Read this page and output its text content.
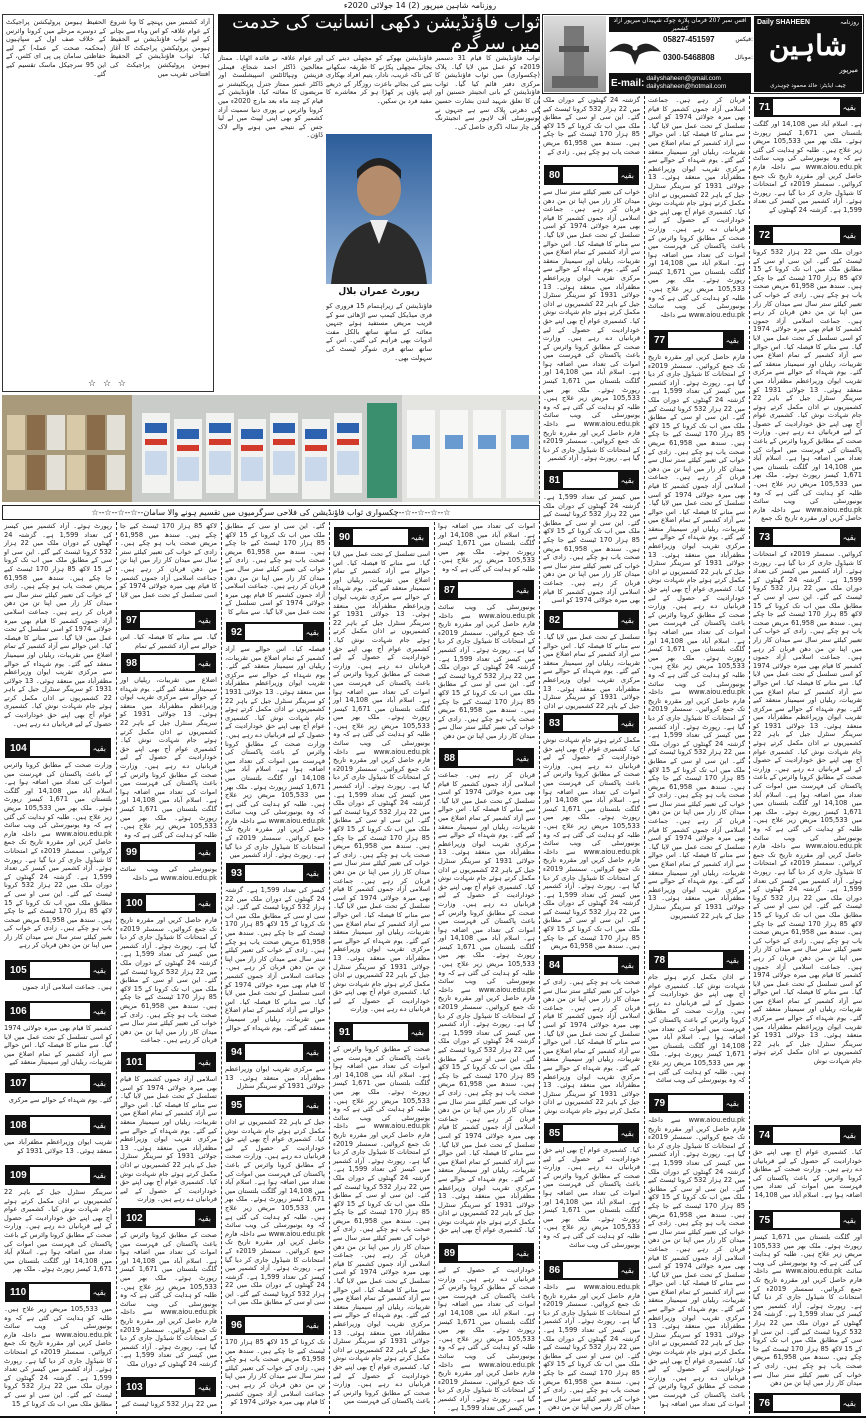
روزنامہ شاہین میرپور (2) 14 جولائی 2020ء
آزاد کشمیر میں پہنچے کا وبا شروع کے عوام علاقہ کو اس وباء سے بچانے کے لیے ثواب فاؤنڈیشن نے الحفیظ ہیومن پروٹیکشن پراجیکٹ کا آغاز کیا۔ ثواب فاؤنڈیشن کے الحفیظ ہیومن پروٹیکشن پراجیکٹ کی افتتاحی تقریب میں
الحفیظ ہیومن پروٹیکشن پراجیکٹ کے دوسرے مرحلے میں کرونا وائرس کے خلاف صف اول کے سپاہیوں (محکمہ صحت کے عملہ) کے لیے حفاظتی سامان پی پی ای کٹس، کے این 95 سرجیکل ماسک تقسیم کیے گئے۔
☆ ☆ ☆
ثواب فاؤنڈیشن دکھی انسانیت کی خدمت میں سرگرم
ثواب فاؤنڈیشن کا قیام 31 دسمبر 2019ء کو عمل میں لایا گیا۔ پلاک (چکسواری) میں ثواب فاؤنڈیشن کا مرکزی دفتر قائم کیا گیا۔ ثواب فاؤنڈیشن کے بانی انجینئر حسنین اور ان کا تعلق شہید لندن بشارت حسین کی دھرتی پلاک سے ہے جنہوں نے یونیورسٹی آف لاہور سے انجینئرنگ کی چار سالہ ڈگری حاصل کی۔
فاؤنڈیشن بھوکے کو مچھلی دینے کی بجائے مچھلی پکڑنے کا طریقہ سکھانے کی تاکہ غریب، نادار، یتیم افراد بھکاری بننے کی بجائے باعزت روزگار کے ذریعے اپنے پاؤں پر کھڑا ہو کر معاشرے کا مفید فرد بن سکیں۔
اور عوام علاقہ نے فائدہ اٹھایا۔ ممتاز معالجین ڈاکٹر احمد شجاع، فیملی فزیشن وہپاٹائٹس اسپیشلسٹ اور ڈاکٹر عمیر ممتاز جنرل پریکٹیشنر نے مریضوں کا معائنہ کیا۔ فاؤنڈیشن کے قیام کے چند ماہ بعد مارچ 2020ء میں کرونا وائرس نے پوری دنیا سمیت آزاد کشمیر کو بھی اپنی لپیٹ میں لے لیا جس کے نتیجے میں ہونے والے لاک ڈاؤن۔
رپورٹ عمران بلال
فاؤنڈیشن کے زیراہتمام 15 فروری کو فری میڈیکل کیمپ سے اڑھائی سو کے قریب مریض مستفید ہوئے جنہیں معائنہ کے ساتھ ساتھ بالکل مفت ادویات بھی فراہم کی گئیں۔ اس کے ساتھ ساتھ فری شوگر ٹیسٹ کی سہولت بھی۔
☆--☆--☆--☆--چکسواری ثواب فاؤنڈیشن کی فلاحی سرگرمیوں میں تقسیم ہونے والا سامان--☆--☆--☆--☆
آفس نمبر 207 فرمان پلازہ چوک شہیداں میرپور آزاد کشمیر
05827-451597	فیکس:
0300-5468808	موبائل:
E-mail: dailyshaheen@gmail.com
dailyshaheen@hotmail.com
Daily SHAHEEN	روزنامہ
شاہین
میرپور
چیف ایڈیٹر: خالد محمود چوہدری
رپورٹ ہوئے۔ آزاد کشمیر میں کیسز کی تعداد 1,599 ہے۔ گزشتہ 24 گھنٹوں کے دوران ملک میں 22 ہزار 532 کرونا ٹیسٹ کیے گئے۔ این سی او سی کے مطابق ملک میں اب تک کرونا کے 15 لاکھ 85 ہزار 170 ٹیسٹ کیے جا چکے ہیں۔ سندھ میں 61,958 مریض صحت یاب ہو چکے ہیں۔ زادی کے خواب کی تعبیر کیلئے ستر سال سے میدان کار زار میں اپنا تن من دھن قربان کر رہے ہیں۔ جماعت اسلامی آزاد جموں کشمیر کا قیام بھی میرہ جولائی 1974 کو اسی تسلسل کے تحت عمل میں لایا گیا۔ سے منانے کا فیصلہ کیا۔ اس حوالے سے آزاد کشمیر کے تمام اضلاع میں تقریبات، ریلیاں اور سیمینار منعقد کیے گئے۔ یوم شہداء کے حوالے سے مرکزی تقریب ایوان وزیراعظم مظفرآباد میں منعقد ہوئی۔ 13 جولائی 1931 کو سرینگر سنٹرل جیل کے باہر 22 کشمیریوں نے اذان مکمل کرتے ہوئے جام شہادت نوش کیا۔ کشمیری عوام آج بھی اپنے حق خودارادیت کے حصول کے لیے قربانیاں دے رہے ہیں۔
104	بقیہ
وزارت صحت کے مطابق کرونا وائرس کے باعث پاکستان کی فہرست میں اموات کی تعداد میں اضافہ ہوا ہے۔ اسلام آباد میں 14,108 اور گلگت بلتستان میں 1,671 کیسز رپورٹ ہوئے۔ ملک بھر میں 105,533 مریض زیر علاج ہیں۔ طلبہ کو ہدایت کی گئی ہے کہ وہ یونیورسٹی کی ویب سائٹ www.aiou.edu.pk سے داخلہ فارم حاصل کریں اور مقررہ تاریخ تک جمع کروائیں۔ سمسٹر 2019ء کے امتحانات کا شیڈول جاری کر دیا گیا ہے۔ رپورٹ ہوئے۔ آزاد کشمیر میں کیسز کی تعداد 1,599 ہے۔ گزشتہ 24 گھنٹوں کے دوران ملک میں 22 ہزار 532 کرونا ٹیسٹ کیے گئے۔ این سی او سی کے مطابق ملک میں اب تک کرونا کے 15 لاکھ 85 ہزار 170 ٹیسٹ کیے جا چکے ہیں۔ سندھ میں 61,958 مریض صحت یاب ہو چکے ہیں۔ زادی کے خواب کی تعبیر کیلئے ستر سال سے میدان کار زار میں اپنا تن من دھن قربان کر رہے
105	بقیہ
ہیں۔ جماعت اسلامی آزاد جموں
106	بقیہ
کشمیر کا قیام بھی میرہ جولائی 1974 کو اسی تسلسل کے تحت عمل میں لایا گیا۔ سے منانے کا فیصلہ کیا۔ اس حوالے سے آزاد کشمیر کے تمام اضلاع میں تقریبات، ریلیاں اور سیمینار منعقد کیے
107	بقیہ
گئے۔ یوم شہداء کے حوالے سے مرکزی
108	بقیہ
تقریب ایوان وزیراعظم مظفرآباد میں منعقد ہوئی۔ 13 جولائی 1931 کو
109	بقیہ
سرینگر سنٹرل جیل کے باہر 22 کشمیریوں نے اذان مکمل کرتے ہوئے جام شہادت نوش کیا۔ کشمیری عوام آج بھی اپنے حق خودارادیت کے حصول کے لیے قربانیاں دے رہے ہیں۔ وزارت صحت کے مطابق کرونا وائرس کے باعث پاکستان کی فہرست میں اموات کی تعداد میں اضافہ ہوا ہے۔ اسلام آباد میں 14,108 اور گلگت بلتستان میں 1,671 کیسز رپورٹ ہوئے۔ ملک بھر
110	بقیہ
میں 105,533 مریض زیر علاج ہیں۔ طلبہ کو ہدایت کی گئی ہے کہ وہ یونیورسٹی کی ویب سائٹ www.aiou.edu.pk سے داخلہ فارم حاصل کریں اور مقررہ تاریخ تک جمع کروائیں۔ سمسٹر 2019ء کے امتحانات کا شیڈول جاری کر دیا گیا ہے۔ رپورٹ ہوئے۔ آزاد کشمیر میں کیسز کی تعداد 1,599 ہے۔ گزشتہ 24 گھنٹوں کے دوران ملک میں 22 ہزار 532 کرونا ٹیسٹ کیے گئے۔ این سی او سی کے مطابق ملک میں اب تک کرونا کے 15
لاکھ 85 ہزار 170 ٹیسٹ کیے جا چکے ہیں۔ سندھ میں 61,958 مریض صحت یاب ہو چکے ہیں۔ زادی کے خواب کی تعبیر کیلئے ستر سال سے میدان کار زار میں اپنا تن من دھن قربان کر رہے ہیں۔ جماعت اسلامی آزاد جموں کشمیر کا قیام بھی میرہ جولائی 1974 کو اسی تسلسل کے تحت عمل میں لایا
97	بقیہ
گیا۔ سے منانے کا فیصلہ کیا۔ اس حوالے سے آزاد کشمیر کے تمام
98	بقیہ
اضلاع میں تقریبات، ریلیاں اور سیمینار منعقد کیے گئے۔ یوم شہداء کے حوالے سے مرکزی تقریب ایوان وزیراعظم مظفرآباد میں منعقد ہوئی۔ 13 جولائی 1931 کو سرینگر سنٹرل جیل کے باہر 22 کشمیریوں نے اذان مکمل کرتے ہوئے جام شہادت نوش کیا۔ کشمیری عوام آج بھی اپنے حق خودارادیت کے حصول کے لیے قربانیاں دے رہے ہیں۔ وزارت صحت کے مطابق کرونا وائرس کے باعث پاکستان کی فہرست میں اموات کی تعداد میں اضافہ ہوا ہے۔ اسلام آباد میں 14,108 اور گلگت بلتستان میں 1,671 کیسز رپورٹ ہوئے۔ ملک بھر میں 105,533 مریض زیر علاج ہیں۔ طلبہ کو ہدایت کی گئی ہے کہ وہ
99	بقیہ
یونیورسٹی کی ویب سائٹ www.aiou.edu.pk سے داخلہ
100	بقیہ
فارم حاصل کریں اور مقررہ تاریخ تک جمع کروائیں۔ سمسٹر 2019ء کے امتحانات کا شیڈول جاری کر دیا گیا ہے۔ رپورٹ ہوئے۔ آزاد کشمیر میں کیسز کی تعداد 1,599 ہے۔ گزشتہ 24 گھنٹوں کے دوران ملک میں 22 ہزار 532 کرونا ٹیسٹ کیے گئے۔ این سی او سی کے مطابق ملک میں اب تک کرونا کے 15 لاکھ 85 ہزار 170 ٹیسٹ کیے جا چکے ہیں۔ سندھ میں 61,958 مریض صحت یاب ہو چکے ہیں۔ زادی کے خواب کی تعبیر کیلئے ستر سال سے میدان کار زار میں اپنا تن من دھن قربان کر رہے ہیں۔ جماعت
101	بقیہ
اسلامی آزاد جموں کشمیر کا قیام بھی میرہ جولائی 1974 کو اسی تسلسل کے تحت عمل میں لایا گیا۔ سے منانے کا فیصلہ کیا۔ اس حوالے سے آزاد کشمیر کے تمام اضلاع میں تقریبات، ریلیاں اور سیمینار منعقد کیے گئے۔ یوم شہداء کے حوالے سے مرکزی تقریب ایوان وزیراعظم مظفرآباد میں منعقد ہوئی۔ 13 جولائی 1931 کو سرینگر سنٹرل جیل کے باہر 22 کشمیریوں نے اذان مکمل کرتے ہوئے جام شہادت نوش کیا۔ کشمیری عوام آج بھی اپنے حق خودارادیت کے حصول کے لیے قربانیاں دے رہے ہیں۔ وزارت
102	بقیہ
صحت کے مطابق کرونا وائرس کے باعث پاکستان کی فہرست میں اموات کی تعداد میں اضافہ ہوا ہے۔ اسلام آباد میں 14,108 اور گلگت بلتستان میں 1,671 کیسز رپورٹ ہوئے۔ ملک بھر میں 105,533 مریض زیر علاج ہیں۔ طلبہ کو ہدایت کی گئی ہے کہ وہ یونیورسٹی کی ویب سائٹ www.aiou.edu.pk سے داخلہ فارم حاصل کریں اور مقررہ تاریخ تک جمع کروائیں۔ سمسٹر 2019ء کے امتحانات کا شیڈول جاری کر دیا گیا ہے۔ رپورٹ ہوئے۔ آزاد کشمیر میں کیسز کی تعداد 1,599 ہے۔ گزشتہ 24 گھنٹوں کے دوران ملک
103	بقیہ
میں 22 ہزار 532 کرونا ٹیسٹ کیے
گئے۔ این سی او سی کے مطابق ملک میں اب تک کرونا کے 15 لاکھ 85 ہزار 170 ٹیسٹ کیے جا چکے ہیں۔ سندھ میں 61,958 مریض صحت یاب ہو چکے ہیں۔ زادی کے خواب کی تعبیر کیلئے ستر سال سے میدان کار زار میں اپنا تن من دھن قربان کر رہے ہیں۔ جماعت اسلامی آزاد جموں کشمیر کا قیام بھی میرہ جولائی 1974 کو اسی تسلسل کے تحت عمل میں لایا گیا۔ سے منانے کا
92	بقیہ
فیصلہ کیا۔ اس حوالے سے آزاد کشمیر کے تمام اضلاع میں تقریبات، ریلیاں اور سیمینار منعقد کیے گئے۔ یوم شہداء کے حوالے سے مرکزی تقریب ایوان وزیراعظم مظفرآباد میں منعقد ہوئی۔ 13 جولائی 1931 کو سرینگر سنٹرل جیل کے باہر 22 کشمیریوں نے اذان مکمل کرتے ہوئے جام شہادت نوش کیا۔ کشمیری عوام آج بھی اپنے حق خودارادیت کے حصول کے لیے قربانیاں دے رہے ہیں۔ وزارت صحت کے مطابق کرونا وائرس کے باعث پاکستان کی فہرست میں اموات کی تعداد میں اضافہ ہوا ہے۔ اسلام آباد میں 14,108 اور گلگت بلتستان میں 1,671 کیسز رپورٹ ہوئے۔ ملک بھر میں 105,533 مریض زیر علاج ہیں۔ طلبہ کو ہدایت کی گئی ہے کہ وہ یونیورسٹی کی ویب سائٹ www.aiou.edu.pk سے داخلہ فارم حاصل کریں اور مقررہ تاریخ تک جمع کروائیں۔ سمسٹر 2019ء کے امتحانات کا شیڈول جاری کر دیا گیا ہے۔ رپورٹ ہوئے۔ آزاد کشمیر میں
93	بقیہ
کیسز کی تعداد 1,599 ہے۔ گزشتہ 24 گھنٹوں کے دوران ملک میں 22 ہزار 532 کرونا ٹیسٹ کیے گئے۔ این سی او سی کے مطابق ملک میں اب تک کرونا کے 15 لاکھ 85 ہزار 170 ٹیسٹ کیے جا چکے ہیں۔ سندھ میں 61,958 مریض صحت یاب ہو چکے ہیں۔ زادی کے خواب کی تعبیر کیلئے ستر سال سے میدان کار زار میں اپنا تن من دھن قربان کر رہے ہیں۔ جماعت اسلامی آزاد جموں کشمیر کا قیام بھی میرہ جولائی 1974 کو اسی تسلسل کے تحت عمل میں لایا گیا۔ سے منانے کا فیصلہ کیا۔ اس حوالے سے آزاد کشمیر کے تمام اضلاع میں تقریبات، ریلیاں اور سیمینار منعقد کیے گئے۔ یوم شہداء کے حوالے
94	بقیہ
سے مرکزی تقریب ایوان وزیراعظم مظفرآباد میں منعقد ہوئی۔ 13 جولائی 1931 کو سرینگر سنٹرل
95	بقیہ
جیل کے باہر 22 کشمیریوں نے اذان مکمل کرتے ہوئے جام شہادت نوش کیا۔ کشمیری عوام آج بھی اپنے حق خودارادیت کے حصول کے لیے قربانیاں دے رہے ہیں۔ وزارت صحت کے مطابق کرونا وائرس کے باعث پاکستان کی فہرست میں اموات کی تعداد میں اضافہ ہوا ہے۔ اسلام آباد میں 14,108 اور گلگت بلتستان میں 1,671 کیسز رپورٹ ہوئے۔ ملک بھر میں 105,533 مریض زیر علاج ہیں۔ طلبہ کو ہدایت کی گئی ہے کہ وہ یونیورسٹی کی ویب سائٹ www.aiou.edu.pk سے داخلہ فارم حاصل کریں اور مقررہ تاریخ تک جمع کروائیں۔ سمسٹر 2019ء کے امتحانات کا شیڈول جاری کر دیا گیا ہے۔ رپورٹ ہوئے۔ آزاد کشمیر میں کیسز کی تعداد 1,599 ہے۔ گزشتہ 24 گھنٹوں کے دوران ملک میں 22 ہزار 532 کرونا ٹیسٹ کیے گئے۔ این سی او سی کے مطابق ملک میں اب
96	بقیہ
تک کرونا کے 15 لاکھ 85 ہزار 170 ٹیسٹ کیے جا چکے ہیں۔ سندھ میں 61,958 مریض صحت یاب ہو چکے ہیں۔ زادی کے خواب کی تعبیر کیلئے ستر سال سے میدان کار زار میں اپنا تن من دھن قربان کر رہے ہیں۔ جماعت اسلامی آزاد جموں کشمیر کا قیام بھی میرہ جولائی 1974 کو
90	بقیہ
اسی تسلسل کے تحت عمل میں لایا گیا۔ سے منانے کا فیصلہ کیا۔ اس حوالے سے آزاد کشمیر کے تمام اضلاع میں تقریبات، ریلیاں اور سیمینار منعقد کیے گئے۔ یوم شہداء کے حوالے سے مرکزی تقریب ایوان وزیراعظم مظفرآباد میں منعقد ہوئی۔ 13 جولائی 1931 کو سرینگر سنٹرل جیل کے باہر 22 کشمیریوں نے اذان مکمل کرتے ہوئے جام شہادت نوش کیا۔ کشمیری عوام آج بھی اپنے حق خودارادیت کے حصول کے لیے قربانیاں دے رہے ہیں۔ وزارت صحت کے مطابق کرونا وائرس کے باعث پاکستان کی فہرست میں اموات کی تعداد میں اضافہ ہوا ہے۔ اسلام آباد میں 14,108 اور گلگت بلتستان میں 1,671 کیسز رپورٹ ہوئے۔ ملک بھر میں 105,533 مریض زیر علاج ہیں۔ طلبہ کو ہدایت کی گئی ہے کہ وہ یونیورسٹی کی ویب سائٹ www.aiou.edu.pk سے داخلہ فارم حاصل کریں اور مقررہ تاریخ تک جمع کروائیں۔ سمسٹر 2019ء کے امتحانات کا شیڈول جاری کر دیا گیا ہے۔ رپورٹ ہوئے۔ آزاد کشمیر میں کیسز کی تعداد 1,599 ہے۔ گزشتہ 24 گھنٹوں کے دوران ملک میں 22 ہزار 532 کرونا ٹیسٹ کیے گئے۔ این سی او سی کے مطابق ملک میں اب تک کرونا کے 15 لاکھ 85 ہزار 170 ٹیسٹ کیے جا چکے ہیں۔ سندھ میں 61,958 مریض صحت یاب ہو چکے ہیں۔ زادی کے خواب کی تعبیر کیلئے ستر سال سے میدان کار زار میں اپنا تن من دھن قربان کر رہے ہیں۔ جماعت اسلامی آزاد جموں کشمیر کا قیام بھی میرہ جولائی 1974 کو اسی تسلسل کے تحت عمل میں لایا گیا۔ سے منانے کا فیصلہ کیا۔ اس حوالے سے آزاد کشمیر کے تمام اضلاع میں تقریبات، ریلیاں اور سیمینار منعقد کیے گئے۔ یوم شہداء کے حوالے سے مرکزی تقریب ایوان وزیراعظم مظفرآباد میں منعقد ہوئی۔ 13 جولائی 1931 کو سرینگر سنٹرل جیل کے باہر 22 کشمیریوں نے اذان مکمل کرتے ہوئے جام شہادت نوش کیا۔ کشمیری عوام آج بھی اپنے حق خودارادیت کے حصول کے لیے قربانیاں دے رہے ہیں۔ وزارت
91	بقیہ
صحت کے مطابق کرونا وائرس کے باعث پاکستان کی فہرست میں اموات کی تعداد میں اضافہ ہوا ہے۔ اسلام آباد میں 14,108 اور گلگت بلتستان میں 1,671 کیسز رپورٹ ہوئے۔ ملک بھر میں 105,533 مریض زیر علاج ہیں۔ طلبہ کو ہدایت کی گئی ہے کہ وہ یونیورسٹی کی ویب سائٹ www.aiou.edu.pk سے داخلہ فارم حاصل کریں اور مقررہ تاریخ تک جمع کروائیں۔ سمسٹر 2019ء کے امتحانات کا شیڈول جاری کر دیا گیا ہے۔ رپورٹ ہوئے۔ آزاد کشمیر میں کیسز کی تعداد 1,599 ہے۔ گزشتہ 24 گھنٹوں کے دوران ملک میں 22 ہزار 532 کرونا ٹیسٹ کیے گئے۔ این سی او سی کے مطابق ملک میں اب تک کرونا کے 15 لاکھ 85 ہزار 170 ٹیسٹ کیے جا چکے ہیں۔ سندھ میں 61,958 مریض صحت یاب ہو چکے ہیں۔ زادی کے خواب کی تعبیر کیلئے ستر سال سے میدان کار زار میں اپنا تن من دھن قربان کر رہے ہیں۔ جماعت اسلامی آزاد جموں کشمیر کا قیام بھی میرہ جولائی 1974 کو اسی تسلسل کے تحت عمل میں لایا گیا۔ سے منانے کا فیصلہ کیا۔ اس حوالے سے آزاد کشمیر کے تمام اضلاع میں تقریبات، ریلیاں اور سیمینار منعقد کیے گئے۔ یوم شہداء کے حوالے سے مرکزی تقریب ایوان وزیراعظم مظفرآباد میں منعقد ہوئی۔ 13 جولائی 1931 کو سرینگر سنٹرل جیل کے باہر 22 کشمیریوں نے اذان مکمل کرتے ہوئے جام شہادت نوش کیا۔ کشمیری عوام آج بھی اپنے حق خودارادیت کے حصول کے لیے قربانیاں دے رہے ہیں۔ وزارت صحت کے مطابق کرونا وائرس کے باعث پاکستان کی فہرست میں
اموات کی تعداد میں اضافہ ہوا ہے۔ اسلام آباد میں 14,108 اور گلگت بلتستان میں 1,671 کیسز رپورٹ ہوئے۔ ملک بھر میں 105,533 مریض زیر علاج ہیں۔ طلبہ کو ہدایت کی گئی ہے کہ وہ
87	بقیہ
یونیورسٹی کی ویب سائٹ www.aiou.edu.pk سے داخلہ فارم حاصل کریں اور مقررہ تاریخ تک جمع کروائیں۔ سمسٹر 2019ء کے امتحانات کا شیڈول جاری کر دیا گیا ہے۔ رپورٹ ہوئے۔ آزاد کشمیر میں کیسز کی تعداد 1,599 ہے۔ گزشتہ 24 گھنٹوں کے دوران ملک میں 22 ہزار 532 کرونا ٹیسٹ کیے گئے۔ این سی او سی کے مطابق ملک میں اب تک کرونا کے 15 لاکھ 85 ہزار 170 ٹیسٹ کیے جا چکے ہیں۔ سندھ میں 61,958 مریض صحت یاب ہو چکے ہیں۔ زادی کے خواب کی تعبیر کیلئے ستر سال سے میدان کار زار میں اپنا تن من دھن
88	بقیہ
قربان کر رہے ہیں۔ جماعت اسلامی آزاد جموں کشمیر کا قیام بھی میرہ جولائی 1974 کو اسی تسلسل کے تحت عمل میں لایا گیا۔ سے منانے کا فیصلہ کیا۔ اس حوالے سے آزاد کشمیر کے تمام اضلاع میں تقریبات، ریلیاں اور سیمینار منعقد کیے گئے۔ یوم شہداء کے حوالے سے مرکزی تقریب ایوان وزیراعظم مظفرآباد میں منعقد ہوئی۔ 13 جولائی 1931 کو سرینگر سنٹرل جیل کے باہر 22 کشمیریوں نے اذان مکمل کرتے ہوئے جام شہادت نوش کیا۔ کشمیری عوام آج بھی اپنے حق خودارادیت کے حصول کے لیے قربانیاں دے رہے ہیں۔ وزارت صحت کے مطابق کرونا وائرس کے باعث پاکستان کی فہرست میں اموات کی تعداد میں اضافہ ہوا ہے۔ اسلام آباد میں 14,108 اور گلگت بلتستان میں 1,671 کیسز رپورٹ ہوئے۔ ملک بھر میں 105,533 مریض زیر علاج ہیں۔ طلبہ کو ہدایت کی گئی ہے کہ وہ یونیورسٹی کی ویب سائٹ www.aiou.edu.pk سے داخلہ فارم حاصل کریں اور مقررہ تاریخ تک جمع کروائیں۔ سمسٹر 2019ء کے امتحانات کا شیڈول جاری کر دیا گیا ہے۔ رپورٹ ہوئے۔ آزاد کشمیر میں کیسز کی تعداد 1,599 ہے۔ گزشتہ 24 گھنٹوں کے دوران ملک میں 22 ہزار 532 کرونا ٹیسٹ کیے گئے۔ این سی او سی کے مطابق ملک میں اب تک کرونا کے 15 لاکھ 85 ہزار 170 ٹیسٹ کیے جا چکے ہیں۔ سندھ میں 61,958 مریض صحت یاب ہو چکے ہیں۔ زادی کے خواب کی تعبیر کیلئے ستر سال سے میدان کار زار میں اپنا تن من دھن قربان کر رہے ہیں۔ جماعت اسلامی آزاد جموں کشمیر کا قیام بھی میرہ جولائی 1974 کو اسی تسلسل کے تحت عمل میں لایا گیا۔ سے منانے کا فیصلہ کیا۔ اس حوالے سے آزاد کشمیر کے تمام اضلاع میں تقریبات، ریلیاں اور سیمینار منعقد کیے گئے۔ یوم شہداء کے حوالے سے مرکزی تقریب ایوان وزیراعظم مظفرآباد میں منعقد ہوئی۔ 13 جولائی 1931 کو سرینگر سنٹرل جیل کے باہر 22 کشمیریوں نے اذان مکمل کرتے ہوئے جام شہادت نوش کیا۔ کشمیری عوام آج بھی اپنے حق
89	بقیہ
خودارادیت کے حصول کے لیے قربانیاں دے رہے ہیں۔ وزارت صحت کے مطابق کرونا وائرس کے باعث پاکستان کی فہرست میں اموات کی تعداد میں اضافہ ہوا ہے۔ اسلام آباد میں 14,108 اور گلگت بلتستان میں 1,671 کیسز رپورٹ ہوئے۔ ملک بھر میں 105,533 مریض زیر علاج ہیں۔ طلبہ کو ہدایت کی گئی ہے کہ وہ یونیورسٹی کی ویب سائٹ www.aiou.edu.pk سے داخلہ فارم حاصل کریں اور مقررہ تاریخ تک جمع کروائیں۔ سمسٹر 2019ء کے امتحانات کا شیڈول جاری کر دیا گیا ہے۔ رپورٹ ہوئے۔ آزاد کشمیر میں کیسز کی تعداد 1,599 ہے۔
گزشتہ 24 گھنٹوں کے دوران ملک میں 22 ہزار 532 کرونا ٹیسٹ کیے گئے۔ این سی او سی کے مطابق ملک میں اب تک کرونا کے 15 لاکھ 85 ہزار 170 ٹیسٹ کیے جا چکے ہیں۔ سندھ میں 61,958 مریض صحت یاب ہو چکے ہیں۔ زادی کے
80	بقیہ
خواب کی تعبیر کیلئے ستر سال سے میدان کار زار میں اپنا تن من دھن قربان کر رہے ہیں۔ جماعت اسلامی آزاد جموں کشمیر کا قیام بھی میرہ جولائی 1974 کو اسی تسلسل کے تحت عمل میں لایا گیا۔ سے منانے کا فیصلہ کیا۔ اس حوالے سے آزاد کشمیر کے تمام اضلاع میں تقریبات، ریلیاں اور سیمینار منعقد کیے گئے۔ یوم شہداء کے حوالے سے مرکزی تقریب ایوان وزیراعظم مظفرآباد میں منعقد ہوئی۔ 13 جولائی 1931 کو سرینگر سنٹرل جیل کے باہر 22 کشمیریوں نے اذان مکمل کرتے ہوئے جام شہادت نوش کیا۔ کشمیری عوام آج بھی اپنے حق خودارادیت کے حصول کے لیے قربانیاں دے رہے ہیں۔ وزارت صحت کے مطابق کرونا وائرس کے باعث پاکستان کی فہرست میں اموات کی تعداد میں اضافہ ہوا ہے۔ اسلام آباد میں 14,108 اور گلگت بلتستان میں 1,671 کیسز رپورٹ ہوئے۔ ملک بھر میں 105,533 مریض زیر علاج ہیں۔ طلبہ کو ہدایت کی گئی ہے کہ وہ یونیورسٹی کی ویب سائٹ www.aiou.edu.pk سے داخلہ فارم حاصل کریں اور مقررہ تاریخ تک جمع کروائیں۔ سمسٹر 2019ء کے امتحانات کا شیڈول جاری کر دیا گیا ہے۔ رپورٹ ہوئے۔ آزاد کشمیر
81	بقیہ
میں کیسز کی تعداد 1,599 ہے۔ گزشتہ 24 گھنٹوں کے دوران ملک میں 22 ہزار 532 کرونا ٹیسٹ کیے گئے۔ این سی او سی کے مطابق ملک میں اب تک کرونا کے 15 لاکھ 85 ہزار 170 ٹیسٹ کیے جا چکے ہیں۔ سندھ میں 61,958 مریض صحت یاب ہو چکے ہیں۔ زادی کے خواب کی تعبیر کیلئے ستر سال سے میدان کار زار میں اپنا تن من دھن قربان کر رہے ہیں۔ جماعت اسلامی آزاد جموں کشمیر کا قیام بھی میرہ جولائی 1974 کو اسی
82	بقیہ
تسلسل کے تحت عمل میں لایا گیا۔ سے منانے کا فیصلہ کیا۔ اس حوالے سے آزاد کشمیر کے تمام اضلاع میں تقریبات، ریلیاں اور سیمینار منعقد کیے گئے۔ یوم شہداء کے حوالے سے مرکزی تقریب ایوان وزیراعظم مظفرآباد میں منعقد ہوئی۔ 13 جولائی 1931 کو سرینگر سنٹرل جیل کے باہر 22 کشمیریوں نے اذان
83	بقیہ
مکمل کرتے ہوئے جام شہادت نوش کیا۔ کشمیری عوام آج بھی اپنے حق خودارادیت کے حصول کے لیے قربانیاں دے رہے ہیں۔ وزارت صحت کے مطابق کرونا وائرس کے باعث پاکستان کی فہرست میں اموات کی تعداد میں اضافہ ہوا ہے۔ اسلام آباد میں 14,108 اور گلگت بلتستان میں 1,671 کیسز رپورٹ ہوئے۔ ملک بھر میں 105,533 مریض زیر علاج ہیں۔ طلبہ کو ہدایت کی گئی ہے کہ وہ یونیورسٹی کی ویب سائٹ www.aiou.edu.pk سے داخلہ فارم حاصل کریں اور مقررہ تاریخ تک جمع کروائیں۔ سمسٹر 2019ء کے امتحانات کا شیڈول جاری کر دیا گیا ہے۔ رپورٹ ہوئے۔ آزاد کشمیر میں کیسز کی تعداد 1,599 ہے۔ گزشتہ 24 گھنٹوں کے دوران ملک میں 22 ہزار 532 کرونا ٹیسٹ کیے گئے۔ این سی او سی کے مطابق ملک میں اب تک کرونا کے 15 لاکھ 85 ہزار 170 ٹیسٹ کیے جا چکے ہیں۔ سندھ میں 61,958 مریض
84	بقیہ
صحت یاب ہو چکے ہیں۔ زادی کے خواب کی تعبیر کیلئے ستر سال سے میدان کار زار میں اپنا تن من دھن قربان کر رہے ہیں۔ جماعت اسلامی آزاد جموں کشمیر کا قیام بھی میرہ جولائی 1974 کو اسی تسلسل کے تحت عمل میں لایا گیا۔ سے منانے کا فیصلہ کیا۔ اس حوالے سے آزاد کشمیر کے تمام اضلاع میں تقریبات، ریلیاں اور سیمینار منعقد کیے گئے۔ یوم شہداء کے حوالے سے مرکزی تقریب ایوان وزیراعظم مظفرآباد میں منعقد ہوئی۔ 13 جولائی 1931 کو سرینگر سنٹرل جیل کے باہر 22 کشمیریوں نے اذان مکمل کرتے ہوئے جام شہادت نوش
85	بقیہ
کیا۔ کشمیری عوام آج بھی اپنے حق خودارادیت کے حصول کے لیے قربانیاں دے رہے ہیں۔ وزارت صحت کے مطابق کرونا وائرس کے باعث پاکستان کی فہرست میں اموات کی تعداد میں اضافہ ہوا ہے۔ اسلام آباد میں 14,108 اور گلگت بلتستان میں 1,671 کیسز رپورٹ ہوئے۔ ملک بھر میں 105,533 مریض زیر علاج ہیں۔ طلبہ کو ہدایت کی گئی ہے کہ وہ یونیورسٹی کی ویب سائٹ
86	بقیہ
www.aiou.edu.pk سے داخلہ فارم حاصل کریں اور مقررہ تاریخ تک جمع کروائیں۔ سمسٹر 2019ء کے امتحانات کا شیڈول جاری کر دیا گیا ہے۔ رپورٹ ہوئے۔ آزاد کشمیر میں کیسز کی تعداد 1,599 ہے۔ گزشتہ 24 گھنٹوں کے دوران ملک میں 22 ہزار 532 کرونا ٹیسٹ کیے گئے۔ این سی او سی کے مطابق ملک میں اب تک کرونا کے 15 لاکھ 85 ہزار 170 ٹیسٹ کیے جا چکے ہیں۔ سندھ میں 61,958 مریض صحت یاب ہو چکے ہیں۔ زادی کے خواب کی تعبیر کیلئے ستر سال سے میدان کار زار میں اپنا تن من دھن
قربان کر رہے ہیں۔ جماعت اسلامی آزاد جموں کشمیر کا قیام بھی میرہ جولائی 1974 کو اسی تسلسل کے تحت عمل میں لایا گیا۔ سے منانے کا فیصلہ کیا۔ اس حوالے سے آزاد کشمیر کے تمام اضلاع میں تقریبات، ریلیاں اور سیمینار منعقد کیے گئے۔ یوم شہداء کے حوالے سے مرکزی تقریب ایوان وزیراعظم مظفرآباد میں منعقد ہوئی۔ 13 جولائی 1931 کو سرینگر سنٹرل جیل کے باہر 22 کشمیریوں نے اذان مکمل کرتے ہوئے جام شہادت نوش کیا۔ کشمیری عوام آج بھی اپنے حق خودارادیت کے حصول کے لیے قربانیاں دے رہے ہیں۔ وزارت صحت کے مطابق کرونا وائرس کے باعث پاکستان کی فہرست میں اموات کی تعداد میں اضافہ ہوا ہے۔ اسلام آباد میں 14,108 اور گلگت بلتستان میں 1,671 کیسز رپورٹ ہوئے۔ ملک بھر میں 105,533 مریض زیر علاج ہیں۔ طلبہ کو ہدایت کی گئی ہے کہ وہ یونیورسٹی کی ویب سائٹ www.aiou.edu.pk سے داخلہ
77	بقیہ
فارم حاصل کریں اور مقررہ تاریخ تک جمع کروائیں۔ سمسٹر 2019ء کے امتحانات کا شیڈول جاری کر دیا گیا ہے۔ رپورٹ ہوئے۔ آزاد کشمیر میں کیسز کی تعداد 1,599 ہے۔ گزشتہ 24 گھنٹوں کے دوران ملک میں 22 ہزار 532 کرونا ٹیسٹ کیے گئے۔ این سی او سی کے مطابق ملک میں اب تک کرونا کے 15 لاکھ 85 ہزار 170 ٹیسٹ کیے جا چکے ہیں۔ سندھ میں 61,958 مریض صحت یاب ہو چکے ہیں۔ زادی کے خواب کی تعبیر کیلئے ستر سال سے میدان کار زار میں اپنا تن من دھن قربان کر رہے ہیں۔ جماعت اسلامی آزاد جموں کشمیر کا قیام بھی میرہ جولائی 1974 کو اسی تسلسل کے تحت عمل میں لایا گیا۔ سے منانے کا فیصلہ کیا۔ اس حوالے سے آزاد کشمیر کے تمام اضلاع میں تقریبات، ریلیاں اور سیمینار منعقد کیے گئے۔ یوم شہداء کے حوالے سے مرکزی تقریب ایوان وزیراعظم مظفرآباد میں منعقد ہوئی۔ 13 جولائی 1931 کو سرینگر سنٹرل جیل کے باہر 22 کشمیریوں نے اذان مکمل کرتے ہوئے جام شہادت نوش کیا۔ کشمیری عوام آج بھی اپنے حق خودارادیت کے حصول کے لیے قربانیاں دے رہے ہیں۔ وزارت صحت کے مطابق کرونا وائرس کے باعث پاکستان کی فہرست میں اموات کی تعداد میں اضافہ ہوا ہے۔ اسلام آباد میں 14,108 اور گلگت بلتستان میں 1,671 کیسز رپورٹ ہوئے۔ ملک بھر میں 105,533 مریض زیر علاج ہیں۔ طلبہ کو ہدایت کی گئی ہے کہ وہ یونیورسٹی کی ویب سائٹ www.aiou.edu.pk سے داخلہ فارم حاصل کریں اور مقررہ تاریخ تک جمع کروائیں۔ سمسٹر 2019ء کے امتحانات کا شیڈول جاری کر دیا گیا ہے۔ رپورٹ ہوئے۔ آزاد کشمیر میں کیسز کی تعداد 1,599 ہے۔ گزشتہ 24 گھنٹوں کے دوران ملک میں 22 ہزار 532 کرونا ٹیسٹ کیے گئے۔ این سی او سی کے مطابق ملک میں اب تک کرونا کے 15 لاکھ 85 ہزار 170 ٹیسٹ کیے جا چکے ہیں۔ سندھ میں 61,958 مریض صحت یاب ہو چکے ہیں۔ زادی کے خواب کی تعبیر کیلئے ستر سال سے میدان کار زار میں اپنا تن من دھن قربان کر رہے ہیں۔ جماعت اسلامی آزاد جموں کشمیر کا قیام بھی میرہ جولائی 1974 کو اسی تسلسل کے تحت عمل میں لایا گیا۔ سے منانے کا فیصلہ کیا۔ اس حوالے سے آزاد کشمیر کے تمام اضلاع میں تقریبات، ریلیاں اور سیمینار منعقد کیے گئے۔ یوم شہداء کے حوالے سے مرکزی تقریب ایوان وزیراعظم مظفرآباد میں منعقد ہوئی۔ 13 جولائی 1931 کو سرینگر سنٹرل جیل کے باہر 22 کشمیریوں
78	بقیہ
نے اذان مکمل کرتے ہوئے جام شہادت نوش کیا۔ کشمیری عوام آج بھی اپنے حق خودارادیت کے حصول کے لیے قربانیاں دے رہے ہیں۔ وزارت صحت کے مطابق کرونا وائرس کے باعث پاکستان کی فہرست میں اموات کی تعداد میں اضافہ ہوا ہے۔ اسلام آباد میں 14,108 اور گلگت بلتستان میں 1,671 کیسز رپورٹ ہوئے۔ ملک بھر میں 105,533 مریض زیر علاج ہیں۔ طلبہ کو ہدایت کی گئی ہے کہ وہ یونیورسٹی کی ویب سائٹ
79	بقیہ
www.aiou.edu.pk سے داخلہ فارم حاصل کریں اور مقررہ تاریخ تک جمع کروائیں۔ سمسٹر 2019ء کے امتحانات کا شیڈول جاری کر دیا گیا ہے۔ رپورٹ ہوئے۔ آزاد کشمیر میں کیسز کی تعداد 1,599 ہے۔ گزشتہ 24 گھنٹوں کے دوران ملک میں 22 ہزار 532 کرونا ٹیسٹ کیے گئے۔ این سی او سی کے مطابق ملک میں اب تک کرونا کے 15 لاکھ 85 ہزار 170 ٹیسٹ کیے جا چکے ہیں۔ سندھ میں 61,958 مریض صحت یاب ہو چکے ہیں۔ زادی کے خواب کی تعبیر کیلئے ستر سال سے میدان کار زار میں اپنا تن من دھن قربان کر رہے ہیں۔ جماعت اسلامی آزاد جموں کشمیر کا قیام بھی میرہ جولائی 1974 کو اسی تسلسل کے تحت عمل میں لایا گیا۔ سے منانے کا فیصلہ کیا۔ اس حوالے سے آزاد کشمیر کے تمام اضلاع میں تقریبات، ریلیاں اور سیمینار منعقد کیے گئے۔ یوم شہداء کے حوالے سے مرکزی تقریب ایوان وزیراعظم مظفرآباد میں منعقد ہوئی۔ 13 جولائی 1931 کو سرینگر سنٹرل جیل کے باہر 22 کشمیریوں نے اذان مکمل کرتے ہوئے جام شہادت نوش کیا۔ کشمیری عوام آج بھی اپنے حق خودارادیت کے حصول کے لیے قربانیاں دے رہے ہیں۔ وزارت صحت کے مطابق کرونا وائرس کے باعث پاکستان کی فہرست میں اموات کی تعداد میں اضافہ ہوا
71	بقیہ
ہے۔ اسلام آباد میں 14,108 اور گلگت بلتستان میں 1,671 کیسز رپورٹ ہوئے۔ ملک بھر میں 105,533 مریض زیر علاج ہیں۔ طلبہ کو ہدایت کی گئی ہے کہ وہ یونیورسٹی کی ویب سائٹ www.aiou.edu.pk سے داخلہ فارم حاصل کریں اور مقررہ تاریخ تک جمع کروائیں۔ سمسٹر 2019ء کے امتحانات کا شیڈول جاری کر دیا گیا ہے۔ رپورٹ ہوئے۔ آزاد کشمیر میں کیسز کی تعداد 1,599 ہے۔ گزشتہ 24 گھنٹوں کے
72	بقیہ
دوران ملک میں 22 ہزار 532 کرونا ٹیسٹ کیے گئے۔ این سی او سی کے مطابق ملک میں اب تک کرونا کے 15 لاکھ 85 ہزار 170 ٹیسٹ کیے جا چکے ہیں۔ سندھ میں 61,958 مریض صحت یاب ہو چکے ہیں۔ زادی کے خواب کی تعبیر کیلئے ستر سال سے میدان کار زار میں اپنا تن من دھن قربان کر رہے ہیں۔ جماعت اسلامی آزاد جموں کشمیر کا قیام بھی میرہ جولائی 1974 کو اسی تسلسل کے تحت عمل میں لایا گیا۔ سے منانے کا فیصلہ کیا۔ اس حوالے سے آزاد کشمیر کے تمام اضلاع میں تقریبات، ریلیاں اور سیمینار منعقد کیے گئے۔ یوم شہداء کے حوالے سے مرکزی تقریب ایوان وزیراعظم مظفرآباد میں منعقد ہوئی۔ 13 جولائی 1931 کو سرینگر سنٹرل جیل کے باہر 22 کشمیریوں نے اذان مکمل کرتے ہوئے جام شہادت نوش کیا۔ کشمیری عوام آج بھی اپنے حق خودارادیت کے حصول کے لیے قربانیاں دے رہے ہیں۔ وزارت صحت کے مطابق کرونا وائرس کے باعث پاکستان کی فہرست میں اموات کی تعداد میں اضافہ ہوا ہے۔ اسلام آباد میں 14,108 اور گلگت بلتستان میں 1,671 کیسز رپورٹ ہوئے۔ ملک بھر میں 105,533 مریض زیر علاج ہیں۔ طلبہ کو ہدایت کی گئی ہے کہ وہ یونیورسٹی کی ویب سائٹ www.aiou.edu.pk سے داخلہ فارم حاصل کریں اور مقررہ تاریخ تک جمع
73	بقیہ
کروائیں۔ سمسٹر 2019ء کے امتحانات کا شیڈول جاری کر دیا گیا ہے۔ رپورٹ ہوئے۔ آزاد کشمیر میں کیسز کی تعداد 1,599 ہے۔ گزشتہ 24 گھنٹوں کے دوران ملک میں 22 ہزار 532 کرونا ٹیسٹ کیے گئے۔ این سی او سی کے مطابق ملک میں اب تک کرونا کے 15 لاکھ 85 ہزار 170 ٹیسٹ کیے جا چکے ہیں۔ سندھ میں 61,958 مریض صحت یاب ہو چکے ہیں۔ زادی کے خواب کی تعبیر کیلئے ستر سال سے میدان کار زار میں اپنا تن من دھن قربان کر رہے ہیں۔ جماعت اسلامی آزاد جموں کشمیر کا قیام بھی میرہ جولائی 1974 کو اسی تسلسل کے تحت عمل میں لایا گیا۔ سے منانے کا فیصلہ کیا۔ اس حوالے سے آزاد کشمیر کے تمام اضلاع میں تقریبات، ریلیاں اور سیمینار منعقد کیے گئے۔ یوم شہداء کے حوالے سے مرکزی تقریب ایوان وزیراعظم مظفرآباد میں منعقد ہوئی۔ 13 جولائی 1931 کو سرینگر سنٹرل جیل کے باہر 22 کشمیریوں نے اذان مکمل کرتے ہوئے جام شہادت نوش کیا۔ کشمیری عوام آج بھی اپنے حق خودارادیت کے حصول کے لیے قربانیاں دے رہے ہیں۔ وزارت صحت کے مطابق کرونا وائرس کے باعث پاکستان کی فہرست میں اموات کی تعداد میں اضافہ ہوا ہے۔ اسلام آباد میں 14,108 اور گلگت بلتستان میں 1,671 کیسز رپورٹ ہوئے۔ ملک بھر میں 105,533 مریض زیر علاج ہیں۔ طلبہ کو ہدایت کی گئی ہے کہ وہ یونیورسٹی کی ویب سائٹ www.aiou.edu.pk سے داخلہ فارم حاصل کریں اور مقررہ تاریخ تک جمع کروائیں۔ سمسٹر 2019ء کے امتحانات کا شیڈول جاری کر دیا گیا ہے۔ رپورٹ ہوئے۔ آزاد کشمیر میں کیسز کی تعداد 1,599 ہے۔ گزشتہ 24 گھنٹوں کے دوران ملک میں 22 ہزار 532 کرونا ٹیسٹ کیے گئے۔ این سی او سی کے مطابق ملک میں اب تک کرونا کے 15 لاکھ 85 ہزار 170 ٹیسٹ کیے جا چکے ہیں۔ سندھ میں 61,958 مریض صحت یاب ہو چکے ہیں۔ زادی کے خواب کی تعبیر کیلئے ستر سال سے میدان کار زار میں اپنا تن من دھن قربان کر رہے ہیں۔ جماعت اسلامی آزاد جموں کشمیر کا قیام بھی میرہ جولائی 1974 کو اسی تسلسل کے تحت عمل میں لایا گیا۔ سے منانے کا فیصلہ کیا۔ اس حوالے سے آزاد کشمیر کے تمام اضلاع میں تقریبات، ریلیاں اور سیمینار منعقد کیے گئے۔ یوم شہداء کے حوالے سے مرکزی تقریب ایوان وزیراعظم مظفرآباد میں منعقد ہوئی۔ 13 جولائی 1931 کو سرینگر سنٹرل جیل کے باہر 22 کشمیریوں نے اذان مکمل کرتے ہوئے جام شہادت نوش
74	بقیہ
کیا۔ کشمیری عوام آج بھی اپنے حق خودارادیت کے حصول کے لیے قربانیاں دے رہے ہیں۔ وزارت صحت کے مطابق کرونا وائرس کے باعث پاکستان کی فہرست میں اموات کی تعداد میں اضافہ ہوا ہے۔ اسلام آباد میں 14,108
75	بقیہ
اور گلگت بلتستان میں 1,671 کیسز رپورٹ ہوئے۔ ملک بھر میں 105,533 مریض زیر علاج ہیں۔ طلبہ کو ہدایت کی گئی ہے کہ وہ یونیورسٹی کی ویب سائٹ www.aiou.edu.pk سے داخلہ فارم حاصل کریں اور مقررہ تاریخ تک جمع کروائیں۔ سمسٹر 2019ء کے امتحانات کا شیڈول جاری کر دیا گیا ہے۔ رپورٹ ہوئے۔ آزاد کشمیر میں کیسز کی تعداد 1,599 ہے۔ گزشتہ 24 گھنٹوں کے دوران ملک میں 22 ہزار 532 کرونا ٹیسٹ کیے گئے۔ این سی او سی کے مطابق ملک میں اب تک کرونا کے 15 لاکھ 85 ہزار 170 ٹیسٹ کیے جا چکے ہیں۔ سندھ میں 61,958 مریض صحت یاب ہو چکے ہیں۔ زادی کے خواب کی تعبیر کیلئے ستر سال سے میدان کار زار میں اپنا تن من دھن
76	بقیہ
